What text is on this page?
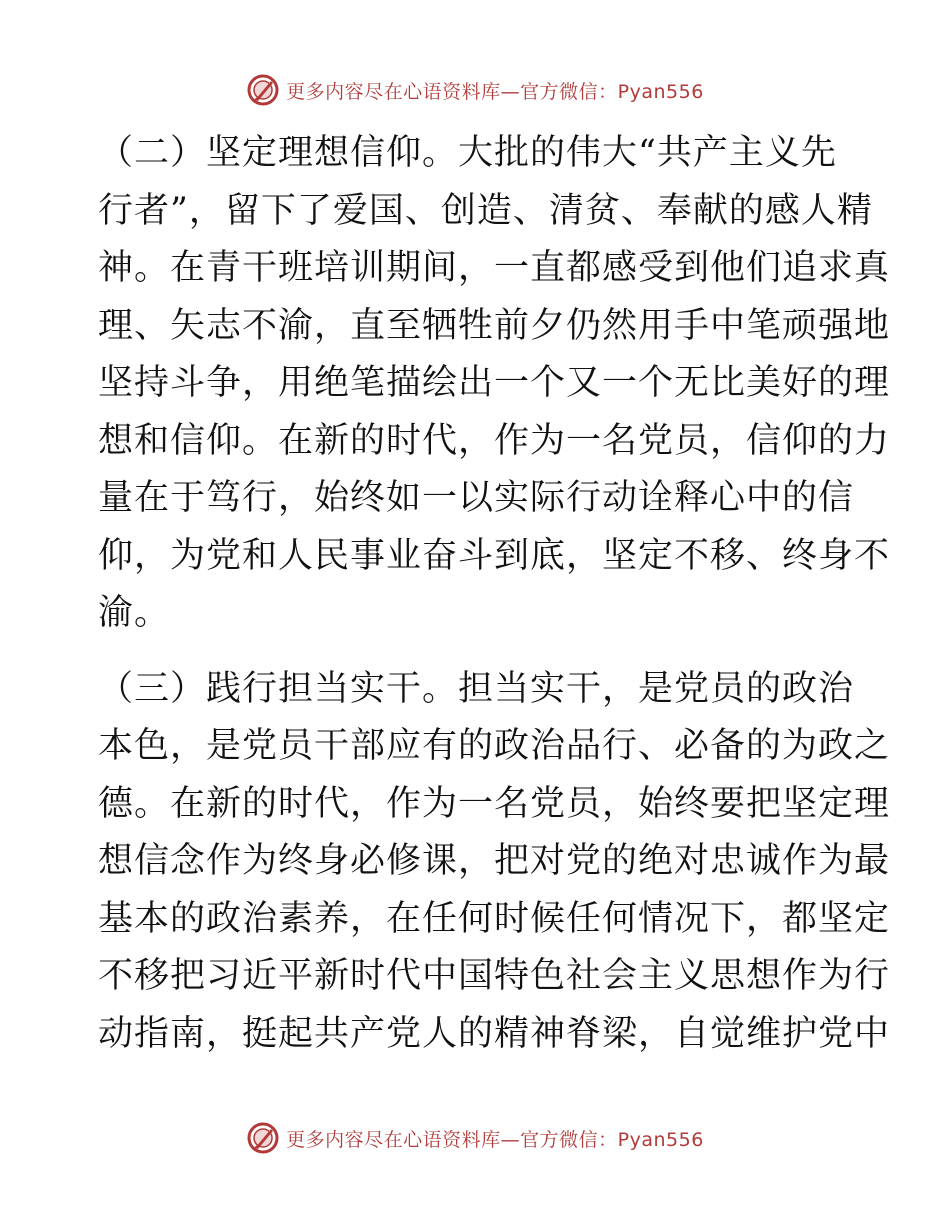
更多内容尽在心语资料库—官方微信：Pyan556

（二）坚定理想信仰。大批的伟大“共产主义先
行者”，留下了爱国、创造、清贫、奉献的感人精
神。在青干班培训期间，一直都感受到他们追求真
理、矢志不渝，直至牺牲前夕仍然用手中笔顽强地
坚持斗争，用绝笔描绘出一个又一个无比美好的理
想和信仰。在新的时代，作为一名党员，信仰的力
量在于笃行，始终如一以实际行动诠释心中的信
仰，为党和人民事业奋斗到底，坚定不移、终身不
渝。

（三）践行担当实干。担当实干，是党员的政治
本色，是党员干部应有的政治品行、必备的为政之
德。在新的时代，作为一名党员，始终要把坚定理
想信念作为终身必修课，把对党的绝对忠诚作为最
基本的政治素养，在任何时候任何情况下，都坚定
不移把习近平新时代中国特色社会主义思想作为行
动指南，挺起共产党人的精神脊梁，自觉维护党中

更多内容尽在心语资料库—官方微信：Pyan556
